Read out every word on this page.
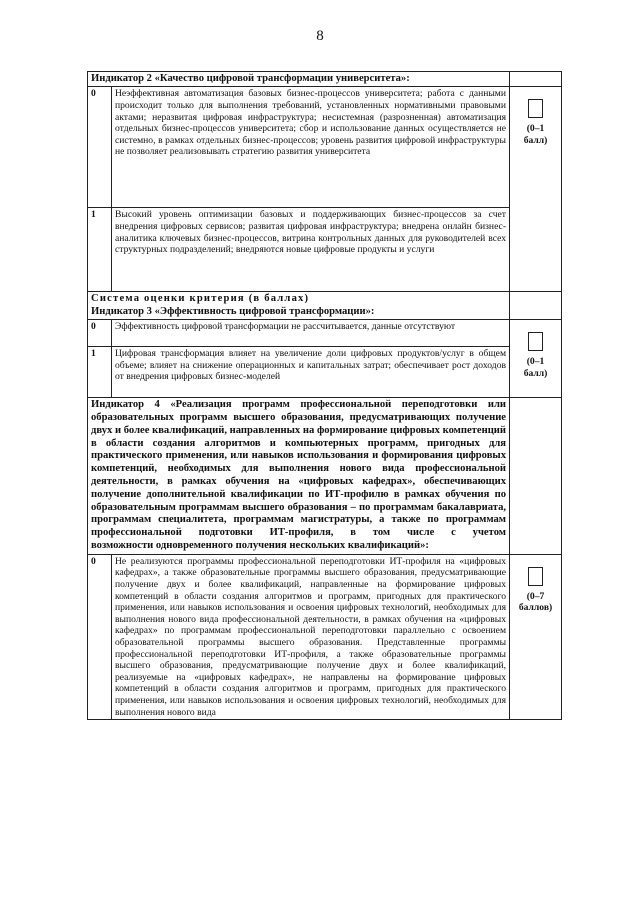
8
Индикатор 2 «Качество цифровой трансформации университета»:		
0	Неэффективная автоматизация базовых бизнес-процессов университета; работа с данными происходит только для выполнения требований, установленных нормативными правовыми актами; неразвитая цифровая инфраструктура; несистемная (разрозненная) автоматизация отдельных бизнес-процессов университета; сбор и использование данных осуществляется не системно, в рамках отдельных бизнес-процессов; уровень развития цифровой инфраструктуры не позволяет реализовывать стратегию развития университета	(0–1
балл)

1	Высокий уровень оптимизации базовых и поддерживающих бизнес-процессов за счет внедрения цифровых сервисов; развитая цифровая инфраструктура; внедрена онлайн бизнес-аналитика ключевых бизнес-процессов, витрина контрольных данных для руководителей всех структурных подразделений; внедряются новые цифровые продукты и услуги	

Система оценки критерия (в баллах)
Индикатор 3 «Эффективность цифровой трансформации»:		

0	Эффективность цифровой трансформации не рассчитывается, данные отсутствуют	(0–1
балл)

1	Цифровая трансформация влияет на увеличение доли цифровых продуктов/услуг в общем объеме; влияет на снижение операционных и капитальных затрат; обеспечивает рост доходов от внедрения цифровых бизнес-моделей	
Индикатор 4 «Реализация программ профессиональной переподготовки или образовательных программ высшего образования, предусматривающих получение двух и более квалификаций, направленных на формирование цифровых компетенций в области создания алгоритмов и компьютерных программ, пригодных для практического применения, или навыков использования и формирования цифровых компетенций, необходимых для выполнения нового вида профессиональной деятельности, в рамках обучения на «цифровых кафедрах», обеспечивающих получение дополнительной квалификации по ИТ-профилю в рамках обучения по образовательным программам высшего образования – по программам бакалавриата, программам специалитета, программам магистратуры, а также по программам профессиональной подготовки ИТ-профиля, в том числе с учетом
возможности одновременного получения нескольких квалификаций»:		

0	Не реализуются программы профессиональной переподготовки ИТ-профиля на «цифровых кафедрах», а также образовательные программы высшего образования, предусматривающие получение двух и более квалификаций, направленные на формирование цифровых компетенций в области создания алгоритмов и программ, пригодных для практического применения, или навыков использования и освоения цифровых технологий, необходимых для выполнения нового вида профессиональной деятельности, в рамках обучения на «цифровых кафедрах» по программам профессиональной переподготовки параллельно с освоением образовательной программы высшего образования. Представленные программы профессиональной переподготовки ИТ-профиля, а также образовательные программы высшего образования, предусматривающие получение двух и более квалификаций, реализуемые на «цифровых кафедрах», не направлены на формирование цифровых компетенций в области создания алгоритмов и программ, пригодных для практического применения, или навыков использования и освоения цифровых технологий, необходимых для выполнения нового вида	(0–7
баллов)
